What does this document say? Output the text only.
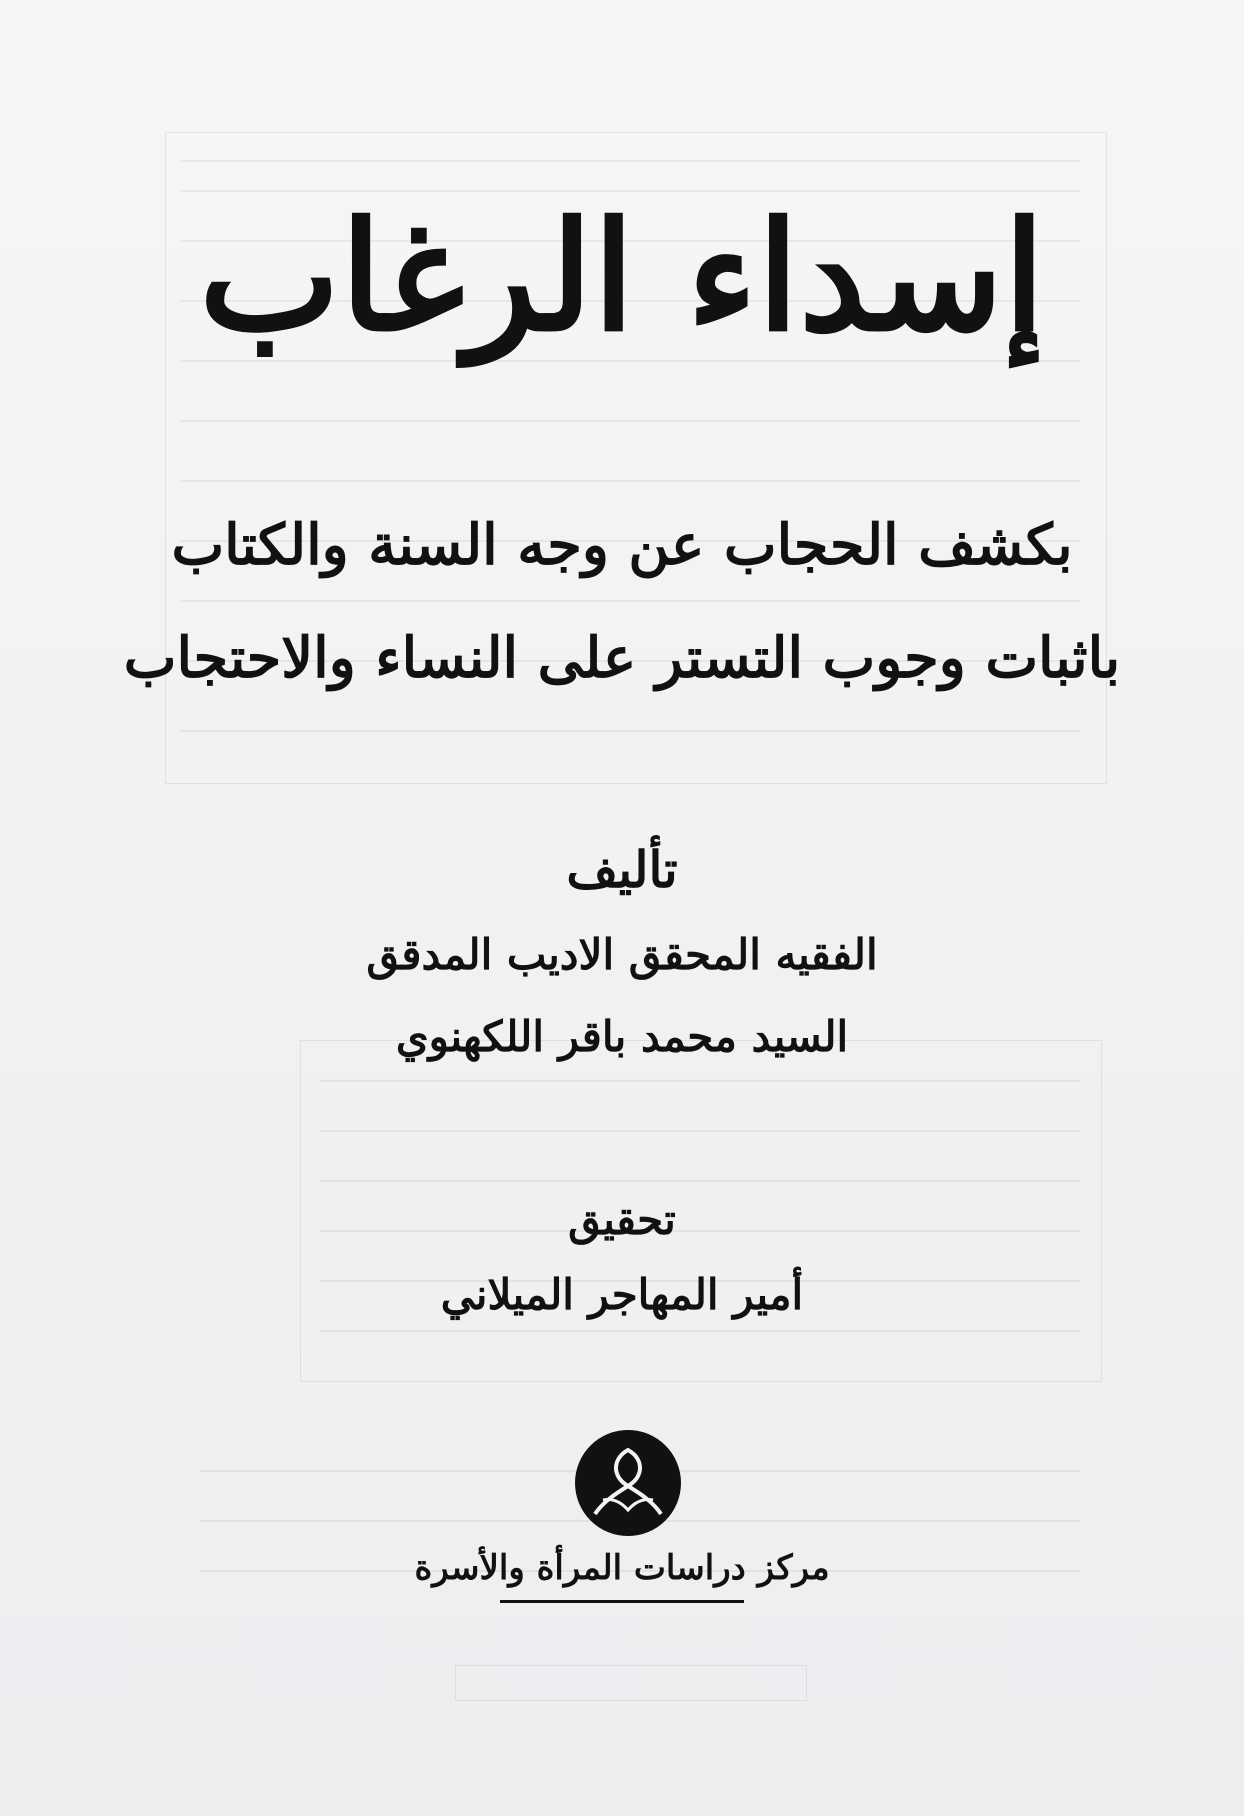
إسداء الرغاب
بكشف الحجاب عن وجه السنة والكتاب
باثبات وجوب التستر على النساء والاحتجاب
تأليف
الفقيه المحقق الاديب المدقق
السيد محمد باقر اللكهنوي
تحقيق
أمير المهاجر الميلاني
مركز دراسات المرأة والأسرة
